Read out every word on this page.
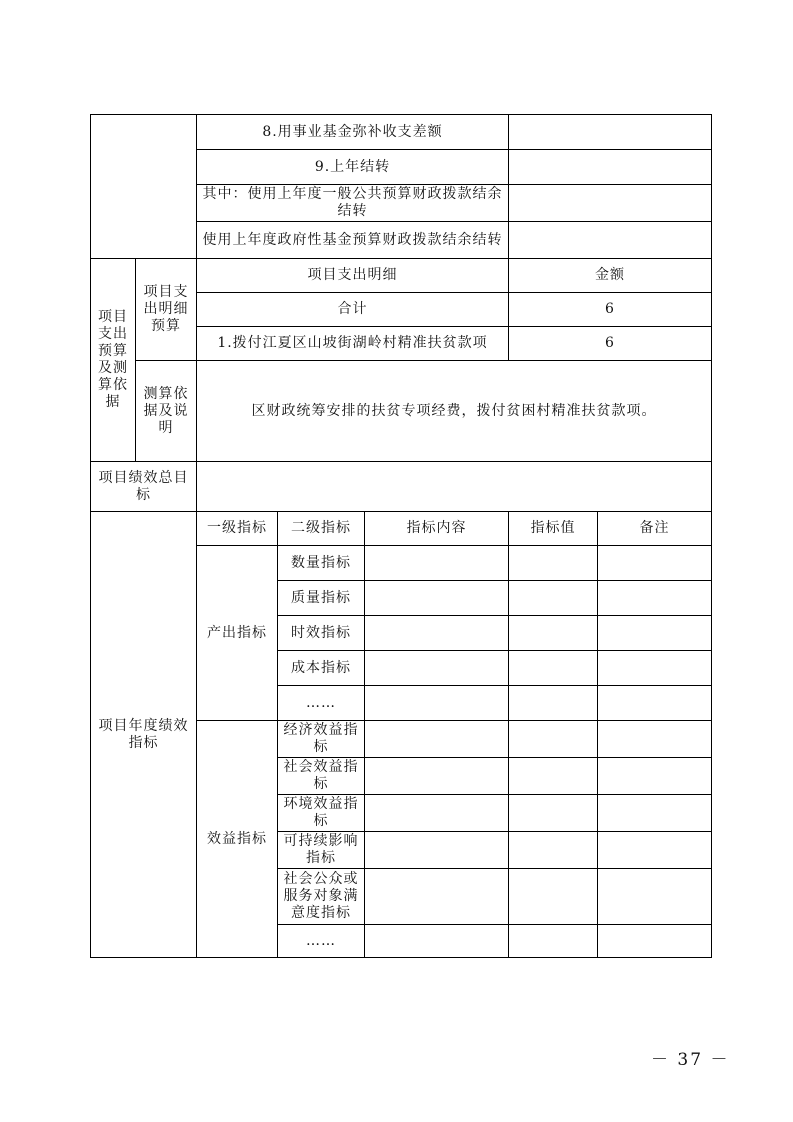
		8.用事业基金弥补收支差额				
		9.上年结转				
		其中：使用上年度一般公共预算财政拨款结余结转				
		使用上年度政府性基金预算财政拨款结余结转				
项目支出预算及测算依据	项目支出明细预算	项目支出明细			金额	
		合计			6	
		1.拨付江夏区山坡街湖岭村精准扶贫款项			6	
	测算依据及说明	区财政统筹安排的扶贫专项经费，拨付贫困村精准扶贫款项。				
项目绩效总目标						
项目年度绩效指标		一级指标	二级指标	指标内容	指标值	备注
		产出指标	数量指标			
			质量指标			
			时效指标			
			成本指标			
			……			
		效益指标	经济效益指标			
			社会效益指标			
			环境效益指标			
			可持续影响指标			
			社会公众或服务对象满意度指标			
			……			
－ 37 －
